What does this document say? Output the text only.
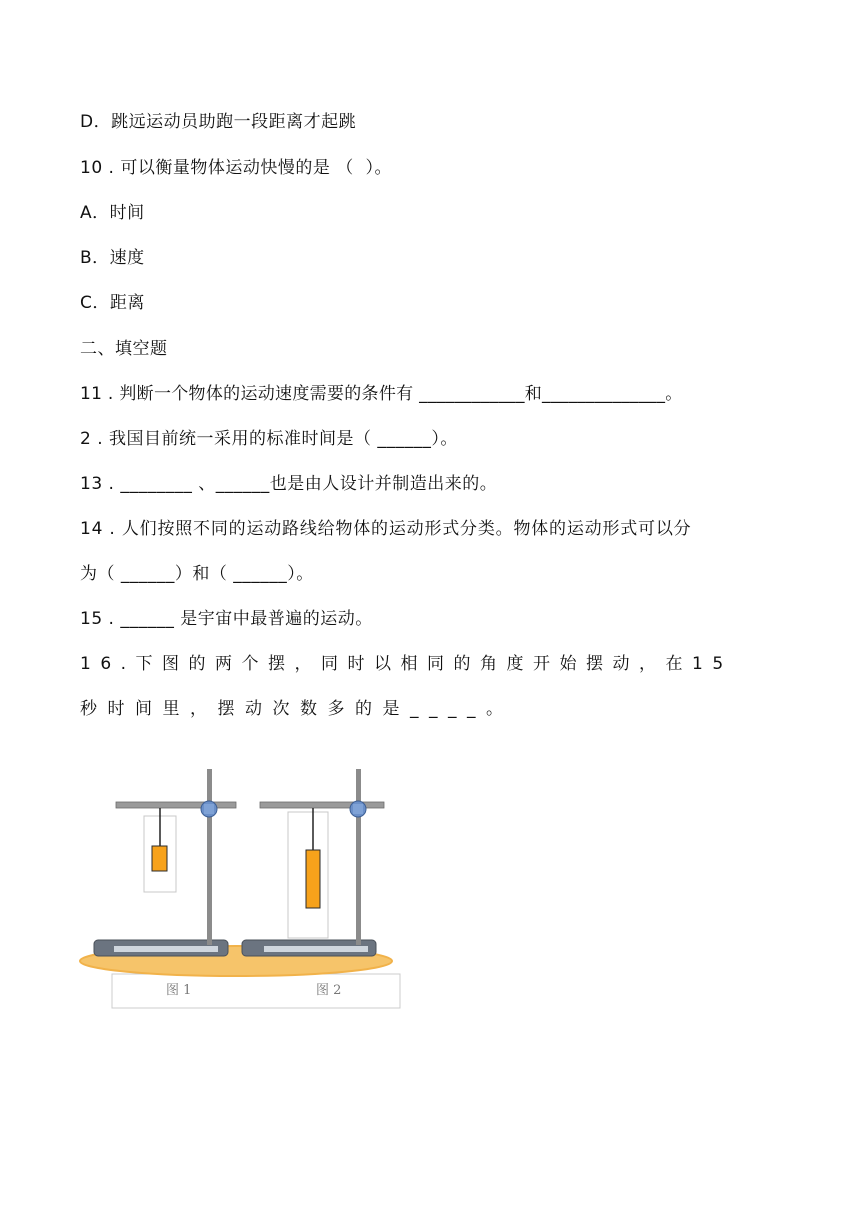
D．跳远运动员助跑一段距离才起跳
10 . 可以衡量物体运动快慢的是 （  ）。
A．时间
B．速度
C．距离
二、填空题
11 . 判断一个物体的运动速度需要的条件有 ____________和______________。
2 . 我国目前统一采用的标准时间是（ ______）。
13 . ________ 、______也是由人设计并制造出来的。
14 . 人们按照不同的运动路线给物体的运动形式分类。物体的运动形式可以分
为（ ______）和（ ______）。
15 . ______ 是宇宙中最普遍的运动。
16.下图的两个摆，同时以相同的角度开始摆动，在15
秒时间里，摆动次数多的是____。
图 1	图 2
